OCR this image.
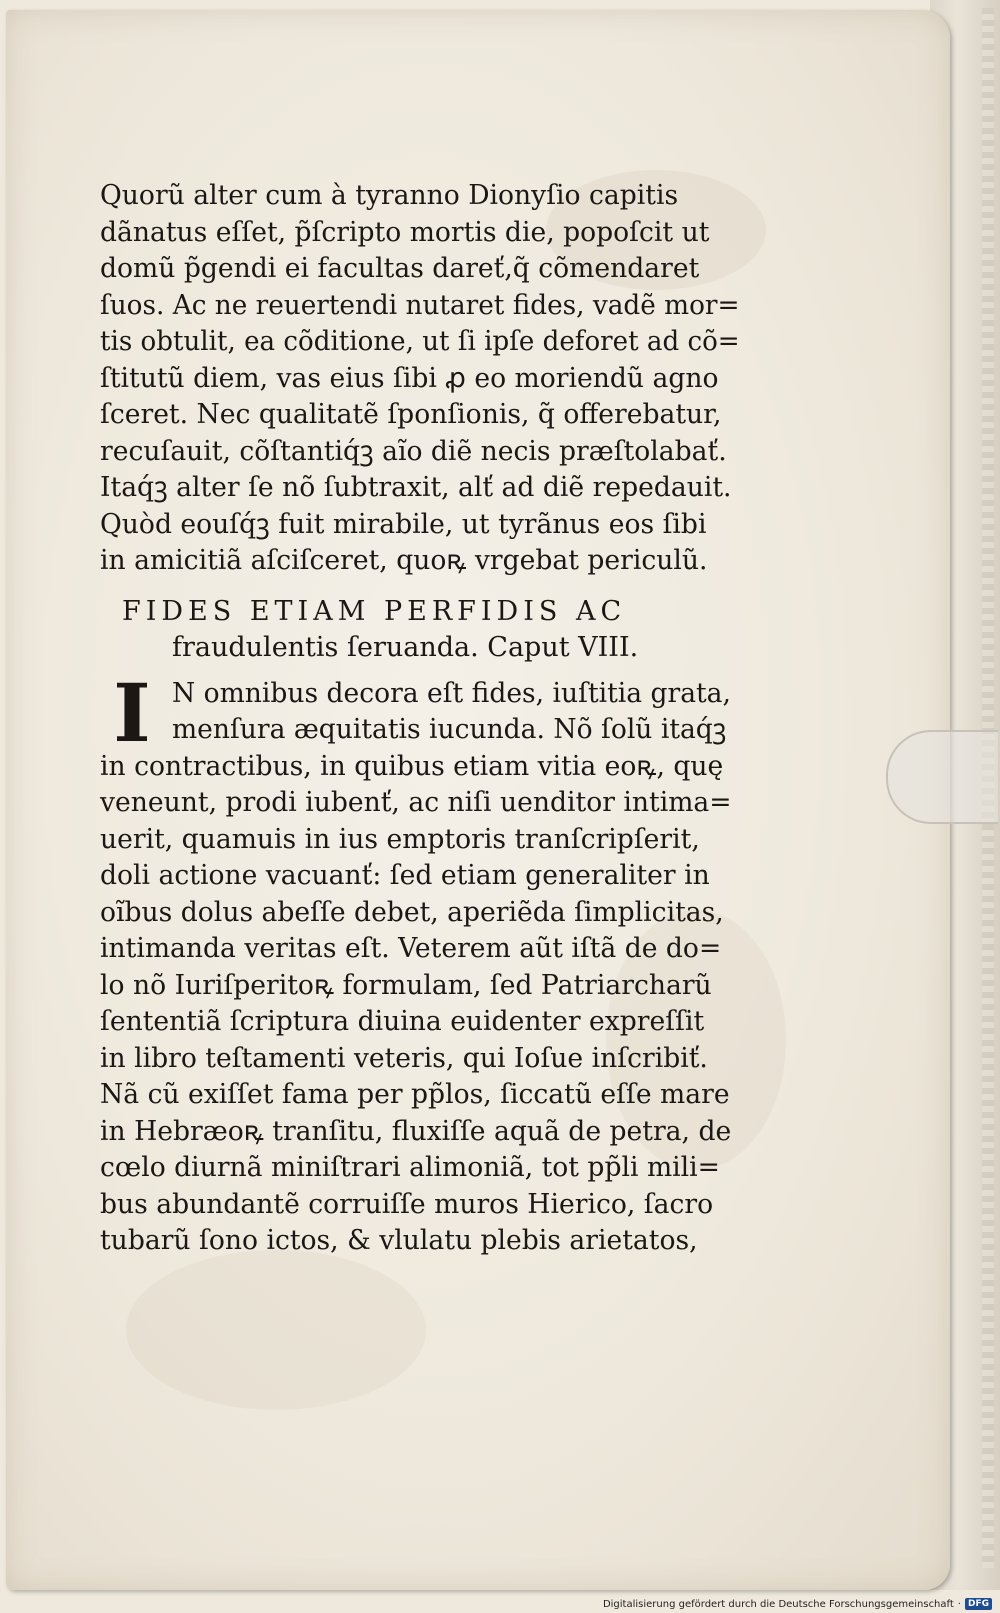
Quorũ alter cum à tyranno Dionyſio capitis
dãnatus eſſet, p̃ſcripto mortis die, popoſcit ut
domũ p̃gendi ei facultas dareť,q̃ cõmendaret
ſuos. Ac ne reuertendi nutaret fides, vadẽ mor=
tis obtulit, ea cõditione, ut ſi ipſe deforet ad cõ=
ſtitutũ diem, vas eius ſibi ꝓ eo moriendũ agno
ſceret. Nec qualitatẽ ſponſionis, q̃ offerebatur,
recuſauit, cõſtantiq́ꝫ aĩo diẽ necis præſtolabať.
Itaq́ꝫ alter ſe nõ ſubtraxit, alť ad diẽ repedauit.
Quòd eouſq́ꝫ fuit mirabile, ut tyrãnus eos ſibi
in amicitiã aſciſceret, quoꝶ vrgebat periculũ.
FIDES ETIAM PERFIDIS AC
fraudulentis ſeruanda. Caput VIII.
I N omnibus decora eſt fides, iuſtitia grata,
menſura æquitatis iucunda. Nõ ſolũ itaq́ꝫ
in contractibus, in quibus etiam vitia eoꝶ, quę
veneunt, prodi iubenť, ac niſi uenditor intima=
uerit, quamuis in ius emptoris tranſcripſerit,
doli actione vacuanť: ſed etiam generaliter in
oĩbus dolus abeſſe debet, aperiẽda ſimplicitas,
intimanda veritas eſt. Veterem aũt iſtã de do=
lo nõ Iuriſperitoꝶ formulam, ſed Patriarcharũ
ſententiã ſcriptura diuina euidenter expreſſit
in libro teſtamenti veteris, qui Ioſue inſcribiť.
Nã cũ exiſſet fama per pp̃los, ſiccatũ eſſe mare
in Hebræoꝶ tranſitu, fluxiſſe aquã de petra, de
cœlo diurnã miniſtrari alimoniã, tot pp̃li mili=
bus abundantẽ corruiſſe muros Hierico, ſacro
tubarũ ſono ictos, & vlulatu plebis arietatos,
Digitalisierung gefördert durch die Deutsche Forschungsgemeinschaft · DFG
